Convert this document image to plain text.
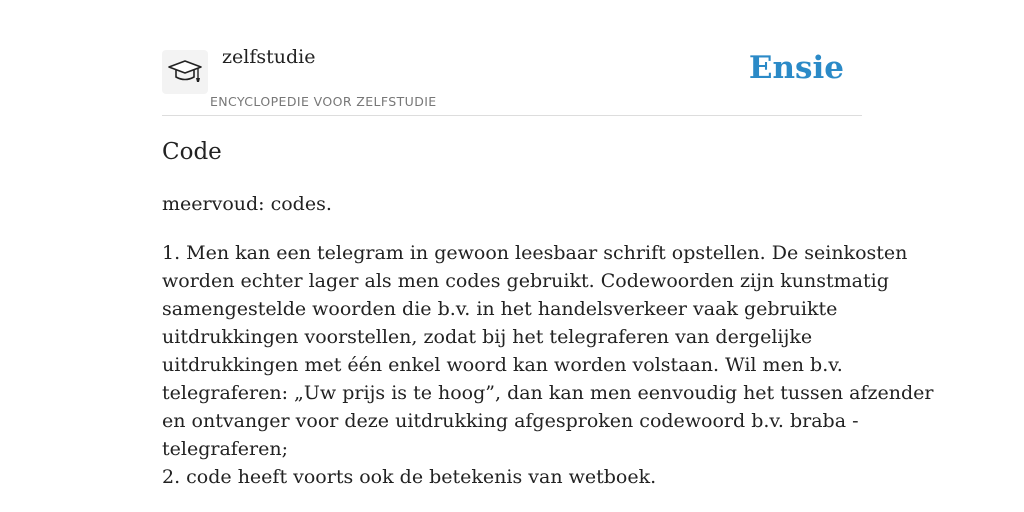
zelfstudie
ENCYCLOPEDIE VOOR ZELFSTUDIE
Ensie
Code

meervoud: codes.

1. Men kan een telegram in gewoon leesbaar schrift opstellen. De seinkosten
worden echter lager als men codes gebruikt. Codewoorden zijn kunstmatig
samengestelde woorden die b.v. in het handelsverkeer vaak gebruikte
uitdrukkingen voorstellen, zodat bij het telegraferen van dergelijke
uitdrukkingen met één enkel woord kan worden volstaan. Wil men b.v.
telegraferen: „Uw prijs is te hoog”, dan kan men eenvoudig het tussen afzender
en ontvanger voor deze uitdrukking afgesproken codewoord b.v. braba -
telegraferen;
2. code heeft voorts ook de betekenis van wetboek.
